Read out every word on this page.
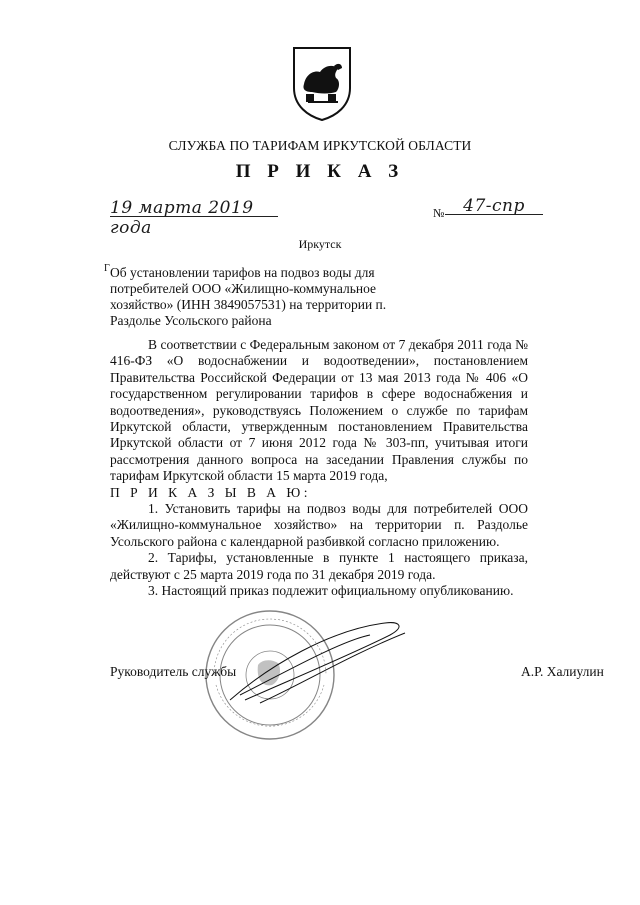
СЛУЖБА ПО ТАРИФАМ ИРКУТСКОЙ ОБЛАСТИ
П Р И К А З
19 марта 2019 года
№	47-спр
Иркутск
Г Об установлении тарифов на подвоз воды для потребителей ООО «Жилищно-коммунальное хозяйство» (ИНН 3849057531) на территории п. Раздолье Усольского района

В соответствии с Федеральным законом от 7 декабря 2011 года № 416-ФЗ «О водоснабжении и водоотведении», постановлением Правительства Российской Федерации от 13 мая 2013 года № 406 «О государственном регулировании тарифов в сфере водоснабжения и водоотведения», руководствуясь Положением о службе по тарифам Иркутской области, утвержденным постановлением Правительства Иркутской области от 7 июня 2012 года № 303-пп, учитывая итоги рассмотрения данного вопроса на заседании Правления службы по тарифам Иркутской области 15 марта 2019 года,

П Р И К А З Ы В А Ю:

1. Установить тарифы на подвоз воды для потребителей ООО «Жилищно-коммунальное хозяйство» на территории п. Раздолье Усольского района с календарной разбивкой согласно приложению.

2. Тарифы, установленные в пункте 1 настоящего приказа, действуют с 25 марта 2019 года по 31 декабря 2019 года.

3. Настоящий приказ подлежит официальному опубликованию.

Руководитель службы	А.Р. Халиулин
